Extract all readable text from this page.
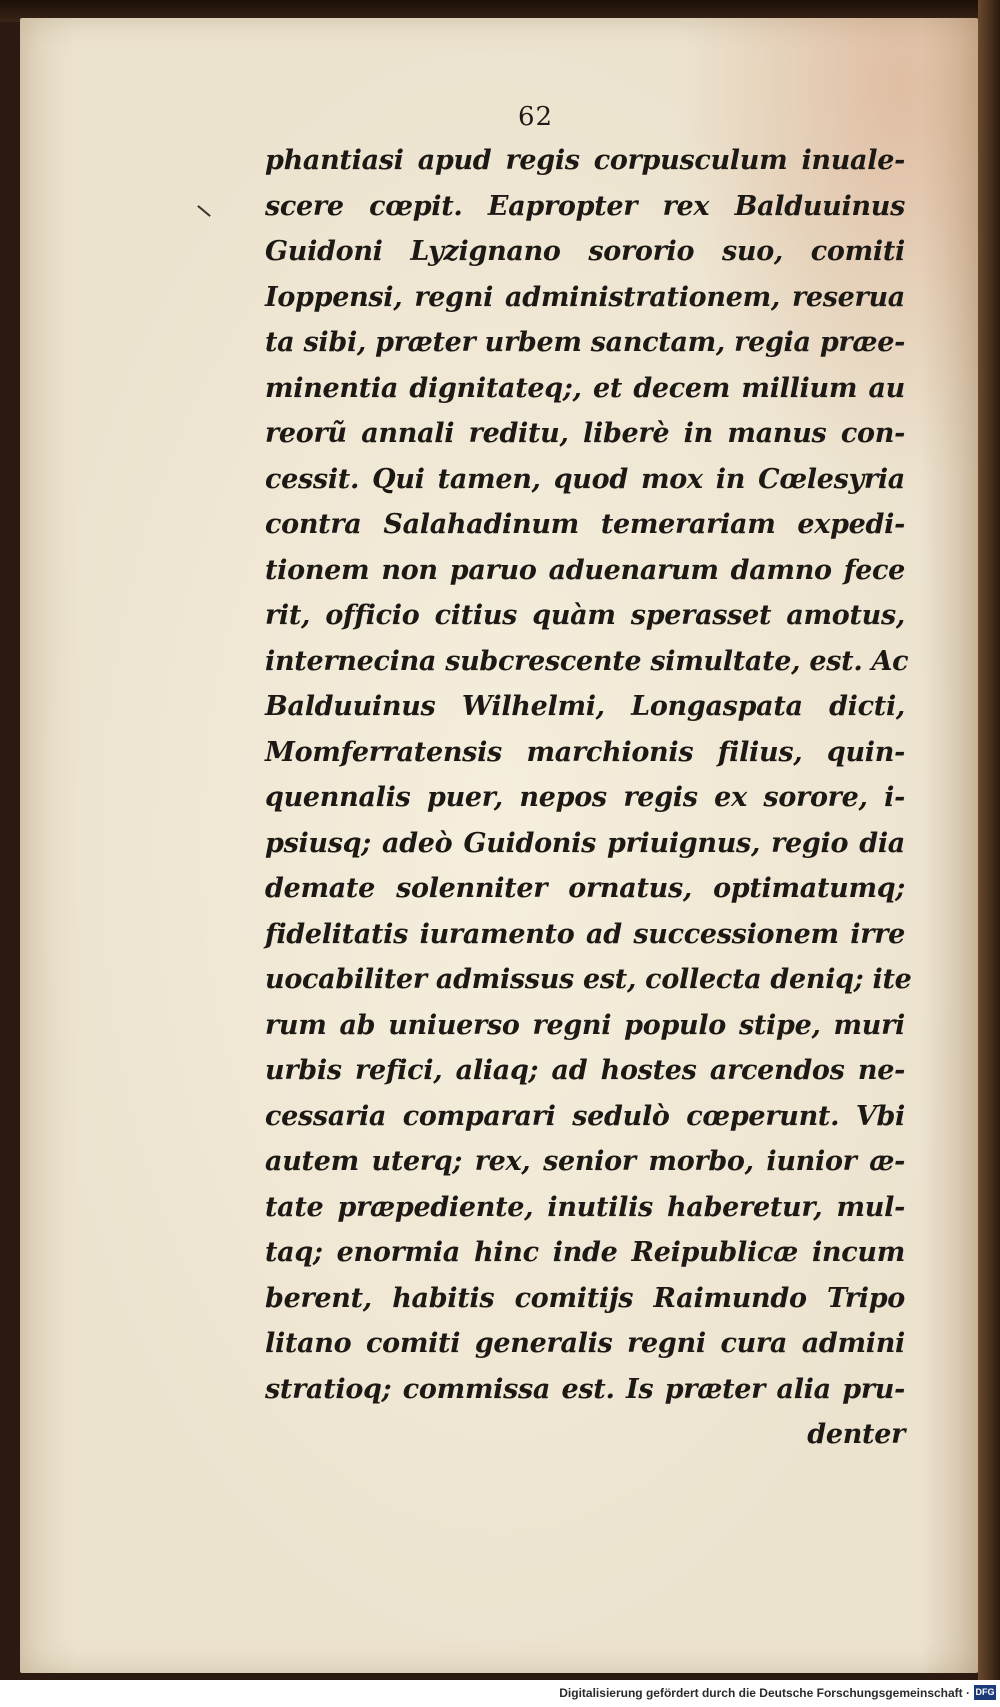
62
phantiasi apud regis corpusculum inuale-
scere cœpit. Eapropter rex Balduuinus
Guidoni Lyzignano sororio suo, comiti
Ioppensi, regni administrationem, reserua
ta sibi, præter urbem sanctam, regia præe-
minentia dignitateq;, et decem millium au
reorũ annali reditu, liberè in manus con-
cessit. Qui tamen, quod mox in Cœlesyria
contra Salahadinum temerariam expedi-
tionem non paruo aduenarum damno fece
rit, officio citius quàm sperasset amotus,
internecina subcrescente simultate, est. Ac
Balduuinus Wilhelmi, Longaspata dicti,
Momferratensis marchionis filius, quin-
quennalis puer, nepos regis ex sorore, i-
psiusq; adeò Guidonis priuignus, regio dia
demate solenniter ornatus, optimatumq;
fidelitatis iuramento ad successionem irre
uocabiliter admissus est, collecta deniq; ite
rum ab uniuerso regni populo stipe, muri
urbis refici, aliaq; ad hostes arcendos ne-
cessaria comparari sedulò cœperunt. Vbi
autem uterq; rex, senior morbo, iunior æ-
tate præpediente, inutilis haberetur, mul-
taq; enormia hinc inde Reipublicæ incum
berent, habitis comitijs Raimundo Tripo
litano comiti generalis regni cura admini
stratioq; commissa est. Is præter alia pru-
denter
Digitalisierung gefördert durch die Deutsche Forschungsgemeinschaft · DFG
